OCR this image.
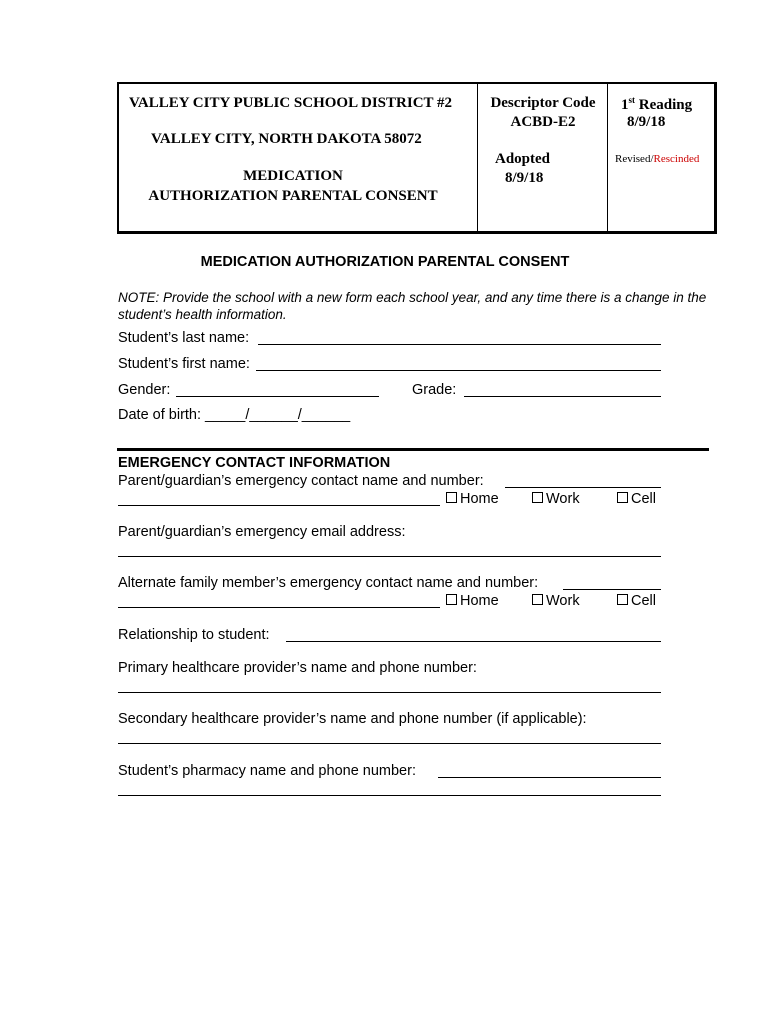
VALLEY CITY PUBLIC SCHOOL DISTRICT #2
VALLEY CITY, NORTH DAKOTA 58072
MEDICATION
AUTHORIZATION PARENTAL CONSENT
Descriptor Code
ACBD-E2
Adopted
8/9/18
1st Reading
8/9/18
Revised/Rescinded
MEDICATION AUTHORIZATION PARENTAL CONSENT
NOTE: Provide the school with a new form each school year, and any time there is a change in the student’s health information.
Student’s last name:
Student’s first name:
Gender:	Grade:
Date of birth: _____/______/______
EMERGENCY CONTACT INFORMATION
Parent/guardian’s emergency contact name and number:
Home	Work	Cell
Parent/guardian’s emergency email address:
Alternate family member’s emergency contact name and number:
Home	Work	Cell
Relationship to student:
Primary healthcare provider’s name and phone number:
Secondary healthcare provider’s name and phone number (if applicable):
Student’s pharmacy name and phone number:
